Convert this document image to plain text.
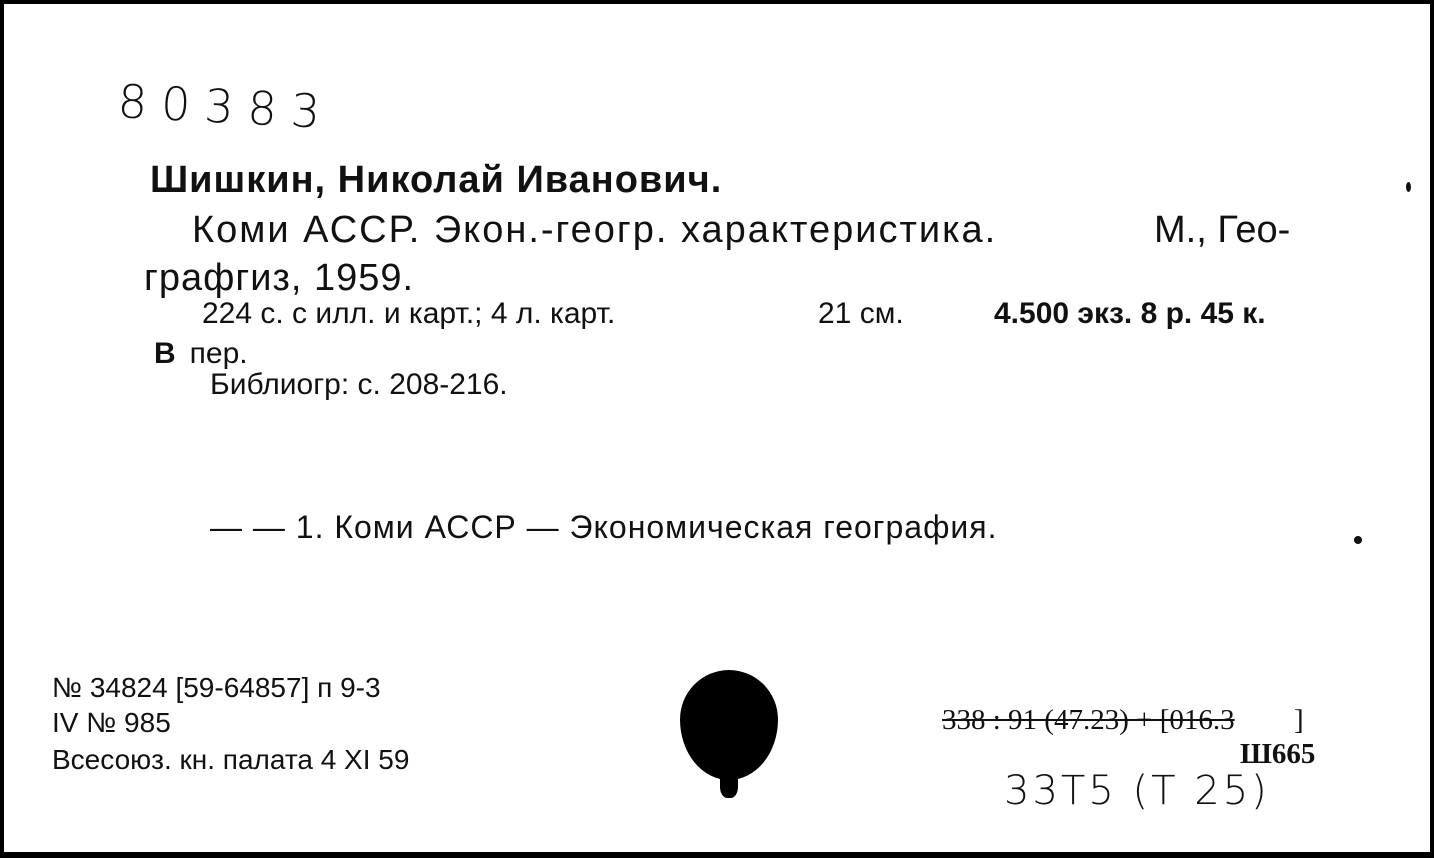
80383
Шишкин, Николай Иванович.
Коми АССР. Экон.-геогр. характеристика.	М., Гео-
графгиз, 1959.
224 с. с илл. и карт.; 4 л. карт.	21 см.	4.500 экз. 8 р. 45 к.
В пер.
Библиогр: с. 208-216.
— — 1. Коми АССР — Экономическая география.
№ 34824 [59-64857] п 9-3
IV № 985
Всесоюз. кн. палата 4 XI 59
338 : 91 (47.23) + [016.3 ]
Ш665
33T5 (T 25)
